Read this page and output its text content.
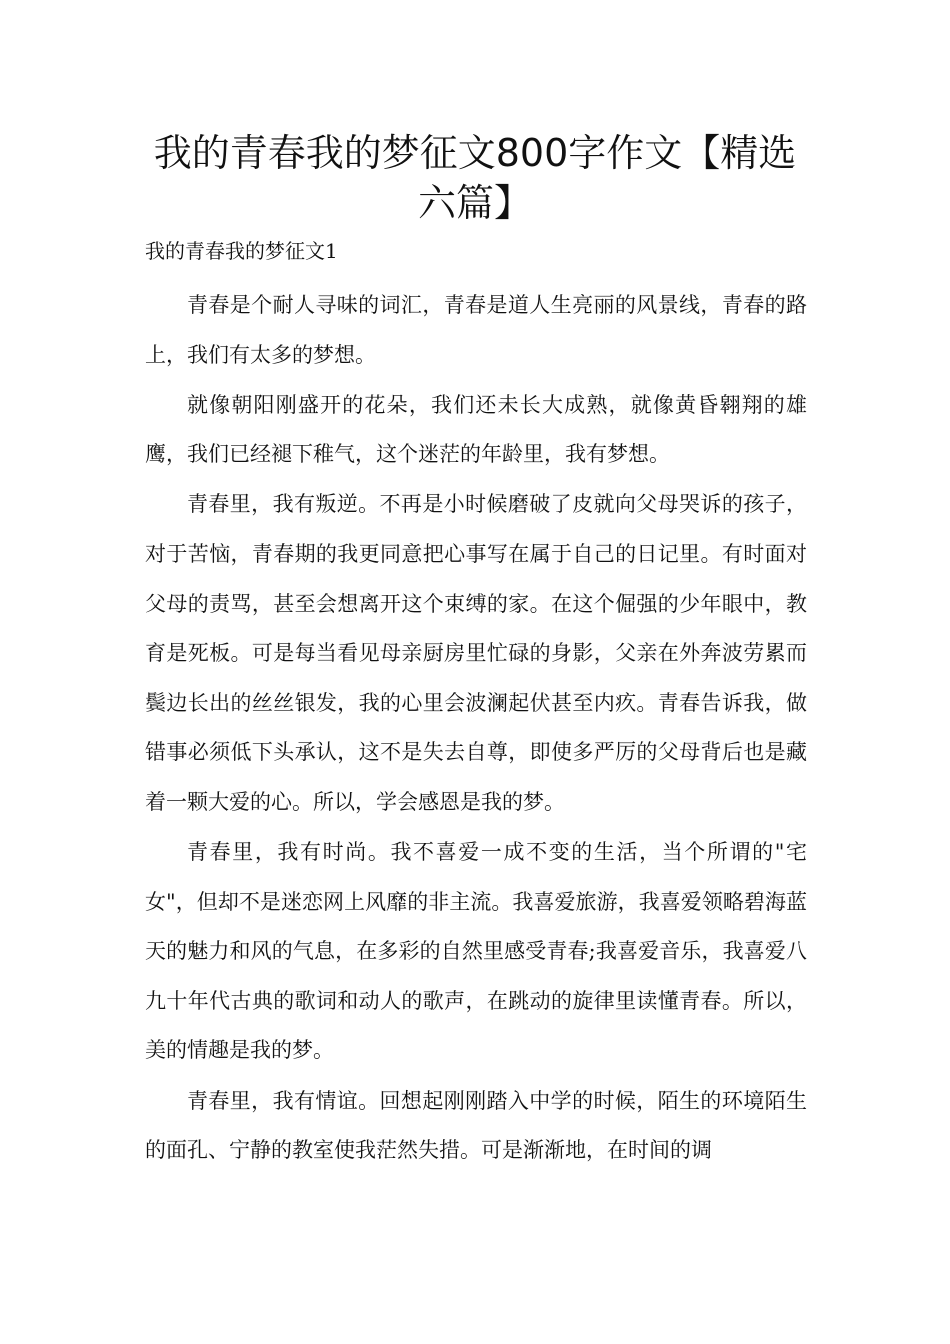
我的青春我的梦征文800字作文【精选六篇】
我的青春我的梦征文1

青春是个耐人寻味的词汇，青春是道人生亮丽的风景线，青春的路上，我们有太多的梦想。

就像朝阳刚盛开的花朵，我们还未长大成熟，就像黄昏翱翔的雄鹰，我们已经褪下稚气，这个迷茫的年龄里，我有梦想。

青春里，我有叛逆。不再是小时候磨破了皮就向父母哭诉的孩子，对于苦恼，青春期的我更同意把心事写在属于自己的日记里。有时面对父母的责骂，甚至会想离开这个束缚的家。在这个倔强的少年眼中，教育是死板。可是每当看见母亲厨房里忙碌的身影，父亲在外奔波劳累而鬓边长出的丝丝银发，我的心里会波澜起伏甚至内疚。青春告诉我，做错事必须低下头承认，这不是失去自尊，即使多严厉的父母背后也是藏着一颗大爱的心。所以，学会感恩是我的梦。

青春里，我有时尚。我不喜爱一成不变的生活，当个所谓的"宅女"，但却不是迷恋网上风靡的非主流。我喜爱旅游，我喜爱领略碧海蓝天的魅力和风的气息，在多彩的自然里感受青春;我喜爱音乐，我喜爱八九十年代古典的歌词和动人的歌声，在跳动的旋律里读懂青春。所以，美的情趣是我的梦。

青春里，我有情谊。回想起刚刚踏入中学的时候，陌生的环境陌生的面孔、宁静的教室使我茫然失措。可是渐渐地，在时间的调
